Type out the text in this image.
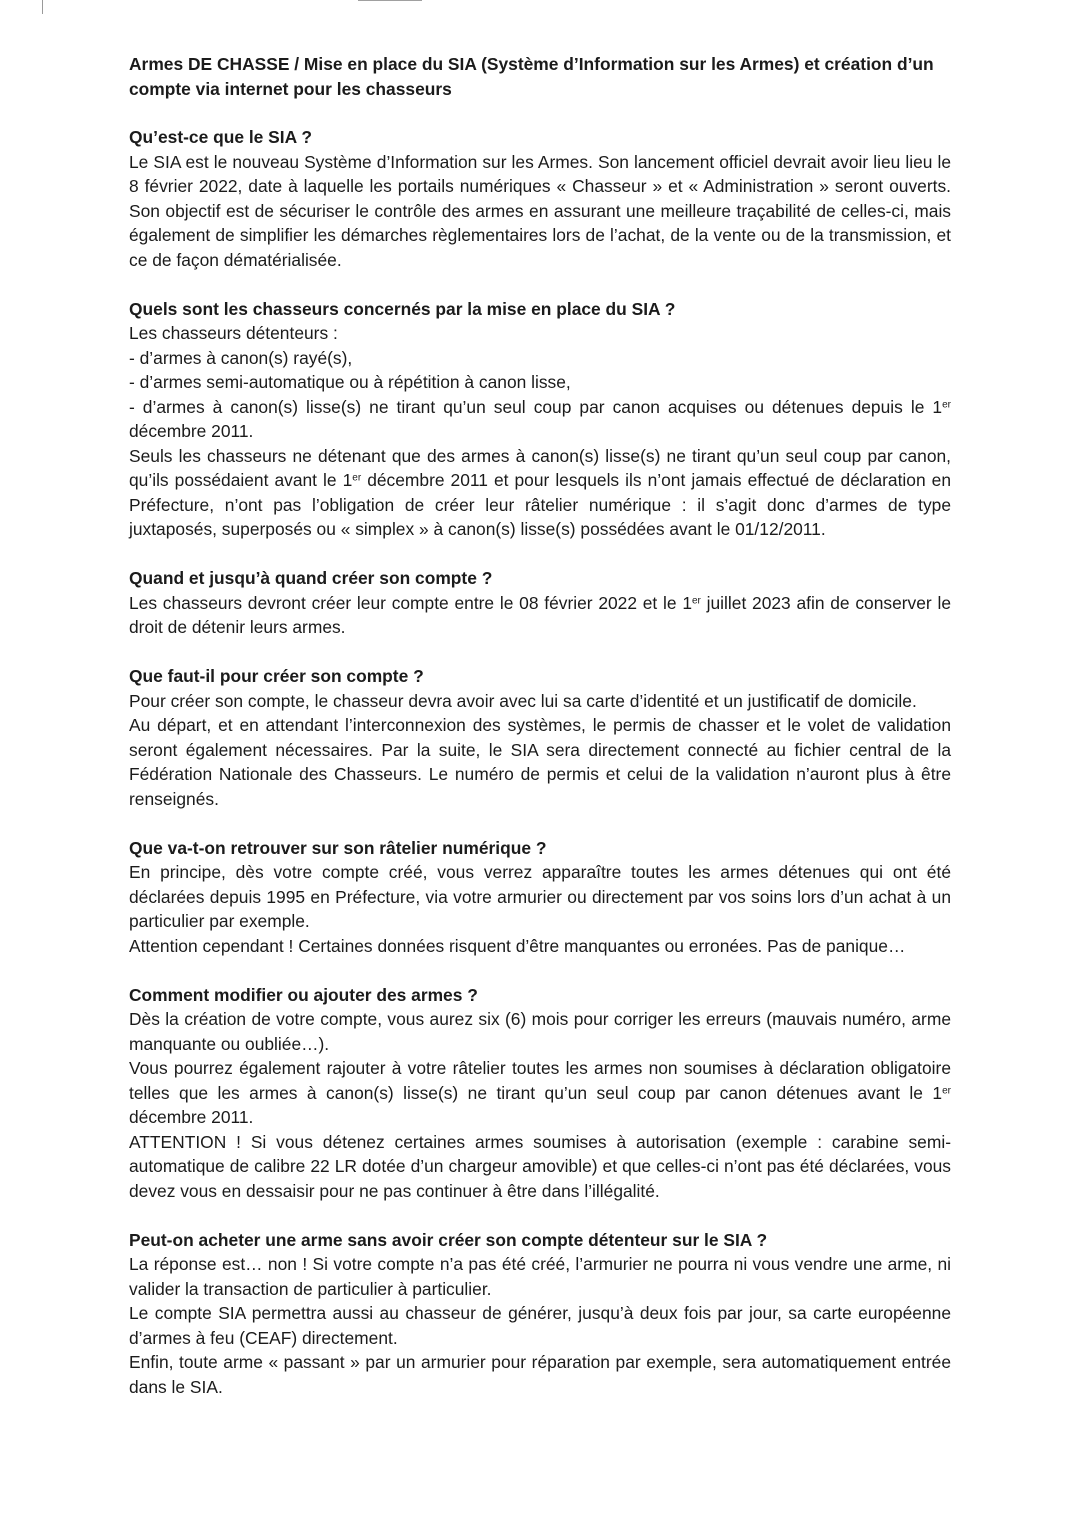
Armes DE CHASSE / Mise en place du SIA (Système d’Information sur les Armes) et création d’un compte via internet pour les chasseurs
Qu’est-ce que le SIA ?
Le SIA est le nouveau Système d’Information sur les Armes. Son lancement officiel devrait avoir lieu lieu le 8 février 2022, date à laquelle les portails numériques « Chasseur » et « Administration » seront ouverts. Son objectif est de sécuriser le contrôle des armes en assurant une meilleure traçabilité de celles-ci, mais également de simplifier les démarches règlementaires lors de l’achat, de la vente ou de la transmission, et ce de façon dématérialisée.
Quels sont les chasseurs concernés par la mise en place du SIA ?
Les chasseurs détenteurs :
- d’armes à canon(s) rayé(s),
- d’armes semi-automatique ou à répétition à canon lisse,
- d’armes à canon(s) lisse(s) ne tirant qu’un seul coup par canon acquises ou détenues depuis le 1er décembre 2011.
Seuls les chasseurs ne détenant que des armes à canon(s) lisse(s) ne tirant qu’un seul coup par canon, qu’ils possédaient avant le 1er décembre 2011 et pour lesquels ils n’ont jamais effectué de déclaration en Préfecture, n’ont pas l’obligation de créer leur râtelier numérique : il s’agit donc d’armes de type juxtaposés, superposés ou « simplex » à canon(s) lisse(s) possédées avant le 01/12/2011.
Quand et jusqu’à quand créer son compte ?
Les chasseurs devront créer leur compte entre le 08 février 2022 et le 1er juillet 2023 afin de conserver le droit de détenir leurs armes.
Que faut-il pour créer son compte ?
Pour créer son compte, le chasseur devra avoir avec lui sa carte d’identité et un justificatif de domicile.
Au départ, et en attendant l’interconnexion des systèmes, le permis de chasser et le volet de validation seront également nécessaires. Par la suite, le SIA sera directement connecté au fichier central de la Fédération Nationale des Chasseurs. Le numéro de permis et celui de la validation n’auront plus à être renseignés.
Que va-t-on retrouver sur son râtelier numérique ?
En principe, dès votre compte créé, vous verrez apparaître toutes les armes détenues qui ont été déclarées depuis 1995 en Préfecture, via votre armurier ou directement par vos soins lors d’un achat à un particulier par exemple.
Attention cependant ! Certaines données risquent d’être manquantes ou erronées. Pas de panique…
Comment modifier ou ajouter des armes ?
Dès la création de votre compte, vous aurez six (6) mois pour corriger les erreurs (mauvais numéro, arme manquante ou oubliée…).
Vous pourrez également rajouter à votre râtelier toutes les armes non soumises à déclaration obligatoire telles que les armes à canon(s) lisse(s) ne tirant qu’un seul coup par canon détenues avant le 1er décembre 2011.
ATTENTION ! Si vous détenez certaines armes soumises à autorisation (exemple : carabine semi-automatique de calibre 22 LR dotée d’un chargeur amovible) et que celles-ci n’ont pas été déclarées, vous devez vous en dessaisir pour ne pas continuer à être dans l’illégalité.
Peut-on acheter une arme sans avoir créer son compte détenteur sur le SIA ?
La réponse est… non ! Si votre compte n’a pas été créé, l’armurier ne pourra ni vous vendre une arme, ni valider la transaction de particulier à particulier.
Le compte SIA permettra aussi au chasseur de générer, jusqu’à deux fois par jour, sa carte européenne d’armes à feu (CEAF) directement.
Enfin, toute arme « passant » par un armurier pour réparation par exemple, sera automatiquement entrée dans le SIA.
